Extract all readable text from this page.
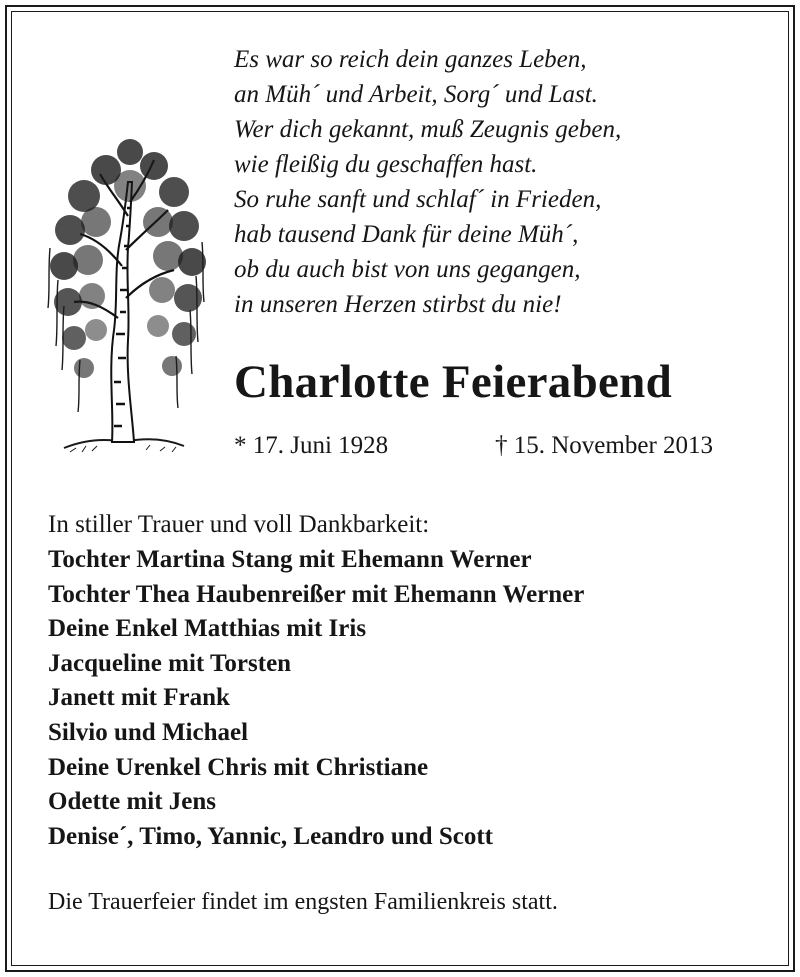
Es war so reich dein ganzes Leben,
an Müh´ und Arbeit, Sorg´ und Last.
Wer dich gekannt, muß Zeugnis geben,
wie fleißig du geschaffen hast.
So ruhe sanft und schlaf´ in Frieden,
hab tausend Dank für deine Müh´,
ob du auch bist von uns gegangen,
in unseren Herzen stirbst du nie!
Charlotte Feierabend
* 17. Juni 1928	† 15. November 2013
In stiller Trauer und voll Dankbarkeit:
Tochter Martina Stang mit Ehemann Werner
Tochter Thea Haubenreißer mit Ehemann Werner
Deine Enkel Matthias mit Iris
Jacqueline mit Torsten
Janett mit Frank
Silvio und Michael
Deine Urenkel Chris mit Christiane
Odette mit Jens
Denise´, Timo, Yannic, Leandro und Scott
Die Trauerfeier findet im engsten Familienkreis statt.
